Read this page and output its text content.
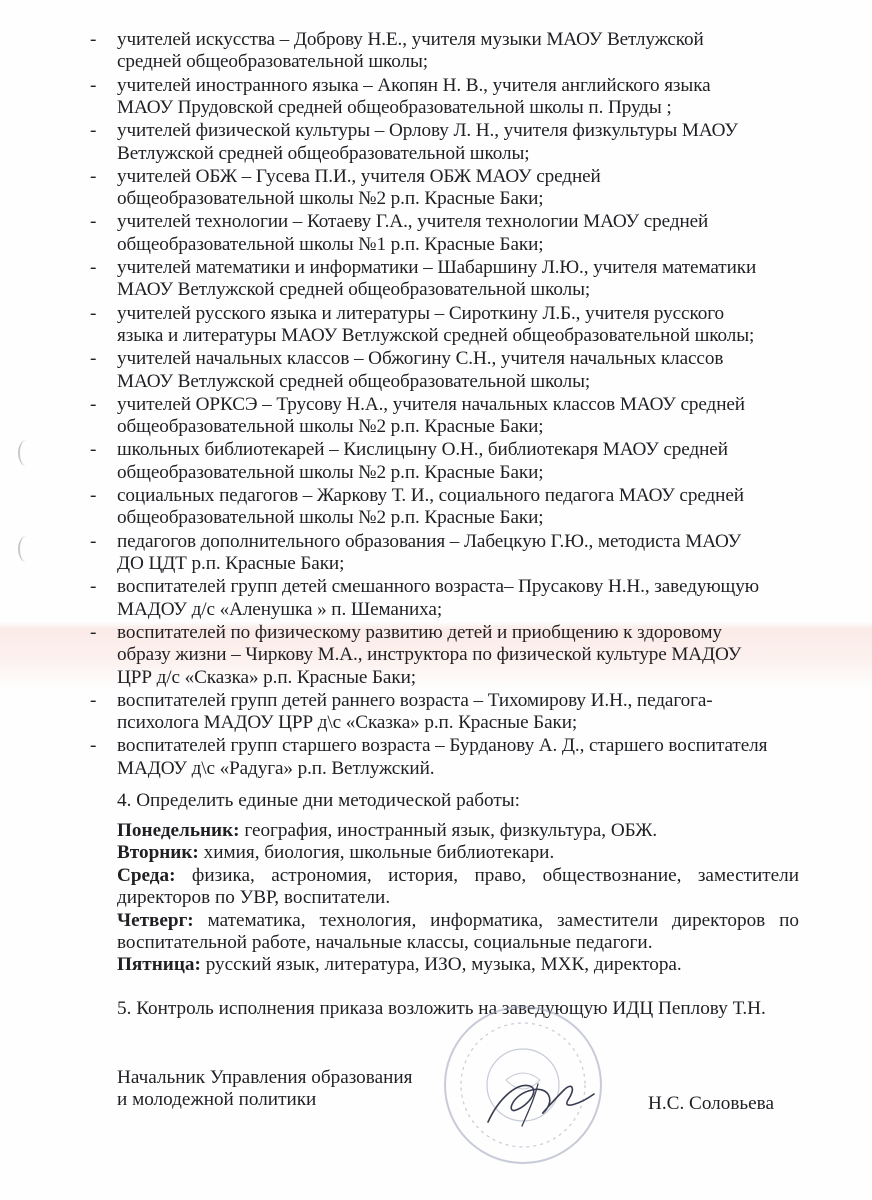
- учителей искусства – Доброву Н.Е., учителя музыки МАОУ Ветлужской
средней общеобразовательной школы;
- учителей иностранного языка – Акопян Н. В., учителя английского языка
МАОУ Прудовской средней общеобразовательной школы п. Пруды ;
- учителей физической культуры – Орлову Л. Н., учителя физкультуры МАОУ
Ветлужской средней общеобразовательной школы;
- учителей ОБЖ – Гусева П.И., учителя ОБЖ МАОУ средней
общеобразовательной школы №2 р.п. Красные Баки;
- учителей технологии – Котаеву Г.А., учителя технологии МАОУ средней
общеобразовательной школы №1 р.п. Красные Баки;
- учителей математики и информатики – Шабаршину Л.Ю., учителя математики
МАОУ Ветлужской средней общеобразовательной школы;
- учителей русского языка и литературы – Сироткину Л.Б., учителя русского
языка и литературы МАОУ Ветлужской средней общеобразовательной школы;
- учителей начальных классов – Обжогину С.Н., учителя начальных классов
МАОУ Ветлужской средней общеобразовательной школы;
- учителей ОРКСЭ – Трусову Н.А., учителя начальных классов МАОУ средней
общеобразовательной школы №2 р.п. Красные Баки;
- школьных библиотекарей – Кислицыну О.Н., библиотекаря МАОУ средней
общеобразовательной школы №2 р.п. Красные Баки;
- социальных педагогов – Жаркову Т. И., социального педагога МАОУ средней
общеобразовательной школы №2 р.п. Красные Баки;
- педагогов дополнительного образования – Лабецкую Г.Ю., методиста МАОУ
ДО ЦДТ р.п. Красные Баки;
- воспитателей групп детей смешанного возраста– Прусакову Н.Н., заведующую
МАДОУ д/с «Аленушка » п. Шеманиха;
- воспитателей по физическому развитию детей и приобщению к здоровому
образу жизни – Чиркову М.А., инструктора по физической культуре МАДОУ
ЦРР д/с «Сказка» р.п. Красные Баки;
- воспитателей групп детей раннего возраста – Тихомирову И.Н., педагога-
психолога МАДОУ ЦРР д\с «Сказка» р.п. Красные Баки;
- воспитателей групп старшего возраста – Бурданову А. Д., старшего воспитателя
МАДОУ д\с «Радуга» р.п. Ветлужский.
4. Определить единые дни методической работы:
Понедельник: география, иностранный язык, физкультура, ОБЖ.
Вторник: химия, биология, школьные библиотекари.
Среда: физика, астрономия, история, право, обществознание, заместители директоров по УВР, воспитатели.
Четверг: математика, технология, информатика, заместители директоров по воспитательной работе, начальные классы, социальные педагоги.
Пятница: русский язык, литература, ИЗО, музыка, МХК, директора.
5. Контроль исполнения приказа возложить на заведующую ИДЦ Пеплову Т.Н.
Начальник Управления образования
и молодежной политики	Н.С. Соловьева
